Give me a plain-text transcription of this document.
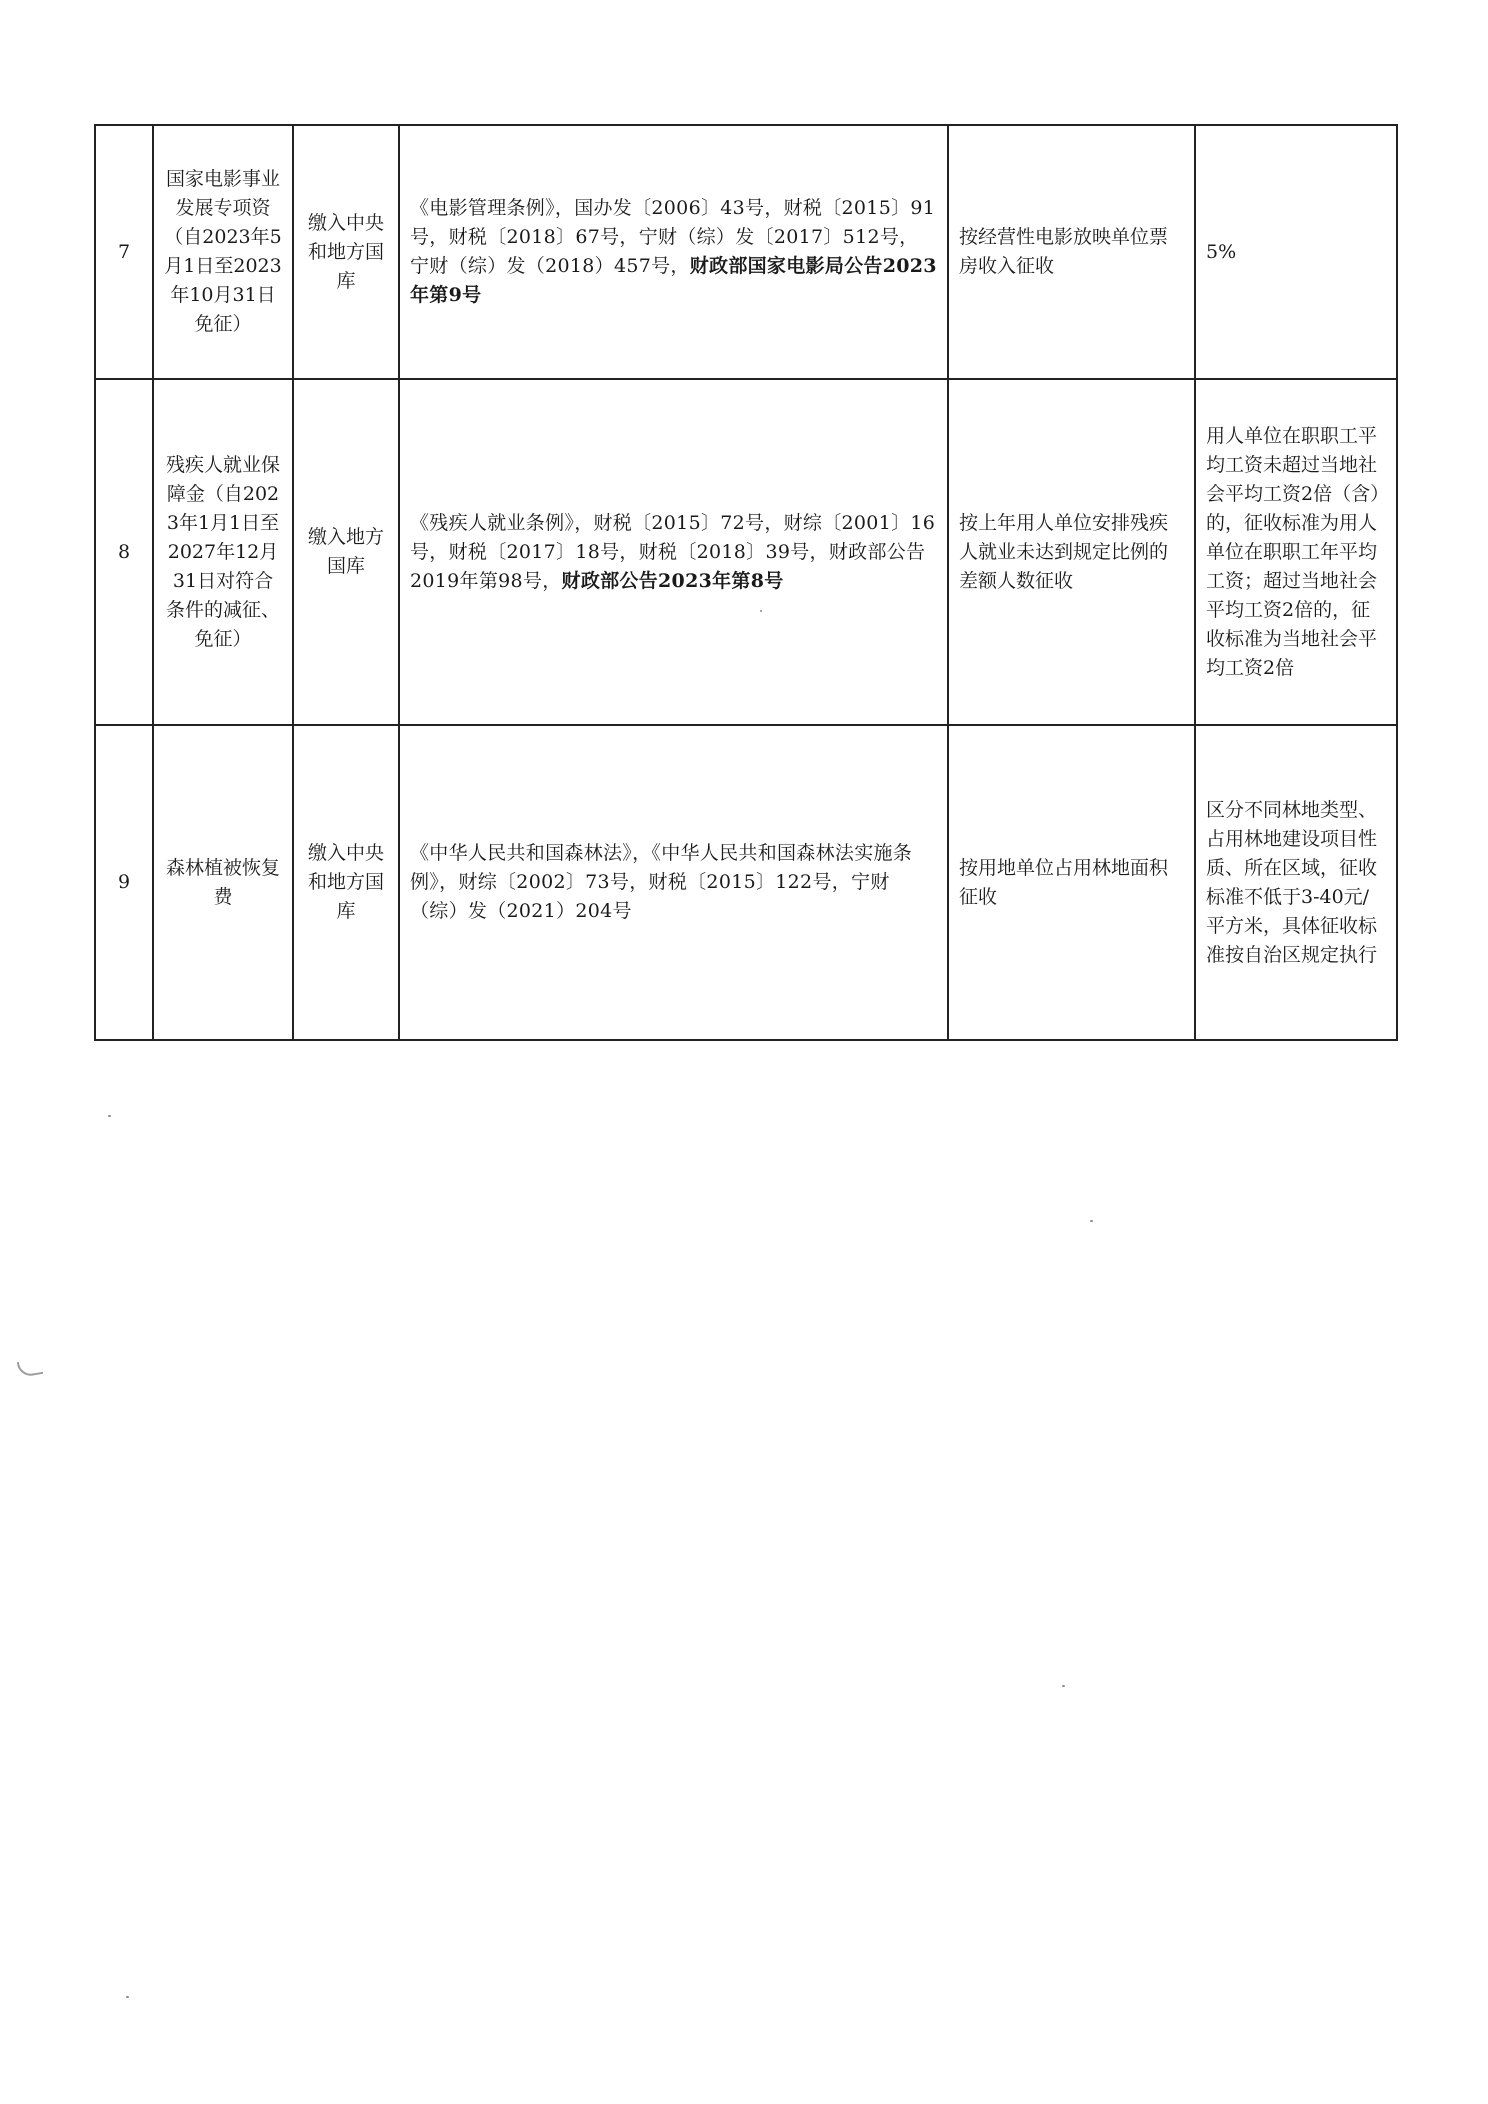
7	国家电影事业发展专项资（自2023年5月1日至2023年10月31日免征）	缴入中央和地方国库	《电影管理条例》，国办发〔2006〕43号，财税〔2015〕91号，财税〔2018〕67号，宁财（综）发〔2017〕512号，宁财（综）发（2018）457号，财政部国家电影局公告2023年第9号	按经营性电影放映单位票房收入征收	5%
8	残疾人就业保障金（自2023年1月1日至2027年12月31日对符合条件的减征、免征）	缴入地方国库	《残疾人就业条例》，财税〔2015〕72号，财综〔2001〕16号，财税〔2017〕18号，财税〔2018〕39号，财政部公告2019年第98号，财政部公告2023年第8号	按上年用人单位安排残疾人就业未达到规定比例的差额人数征收	用人单位在职职工平均工资未超过当地社会平均工资2倍（含）的，征收标准为用人单位在职职工年平均工资；超过当地社会平均工资2倍的，征收标准为当地社会平均工资2倍
9	森林植被恢复费	缴入中央和地方国库	《中华人民共和国森林法》，《中华人民共和国森林法实施条例》，财综〔2002〕73号，财税〔2015〕122号，宁财（综）发（2021）204号	按用地单位占用林地面积征收	区分不同林地类型、占用林地建设项目性质、所在区域，征收标准不低于3-40元/平方米，具体征收标准按自治区规定执行
